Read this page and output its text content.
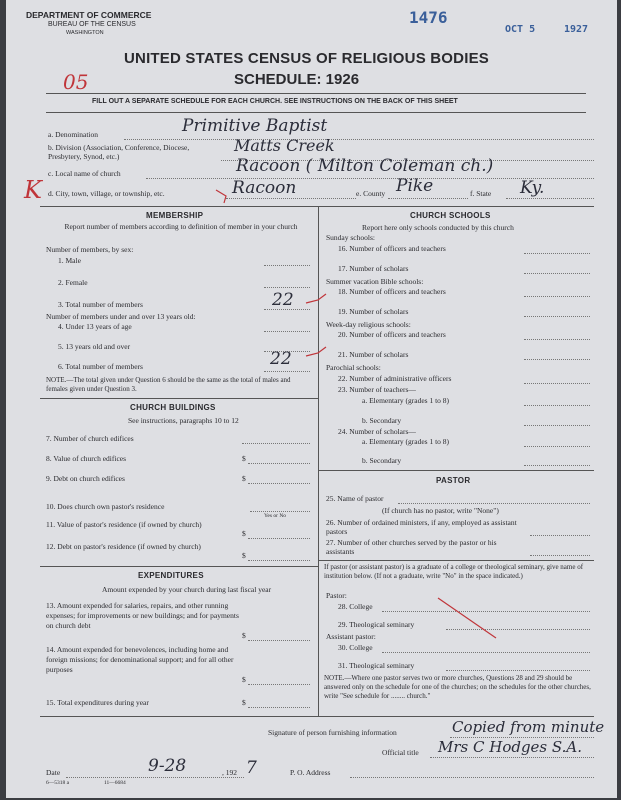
DEPARTMENT OF COMMERCE
BUREAU OF THE CENSUS
WASHINGTON
1476
OCT 5	1927
UNITED STATES CENSUS OF RELIGIOUS BODIES
SCHEDULE: 1926
05
FILL OUT A SEPARATE SCHEDULE FOR EACH CHURCH. SEE INSTRUCTIONS ON THE BACK OF THIS SHEET
a. Denomination	Primitive Baptist
b. Division (Association, Conference, Diocese, Presbytery, Synod, etc.)
Matts Creek
c. Local name of church	Racoon ( Milton Coleman ch.)
K d. City, town, village, or township, etc.	Racoon	e. County Pike	f. State Ky.
MEMBERSHIP
Report number of members according to definition of member in your church
Number of members, by sex:
1. Male
2. Female
3. Total number of members	22
Number of members under and over 13 years old:
4. Under 13 years of age
5. 13 years old and over
6. Total number of members	22
NOTE.—The total given under Question 6 should be the same as the total of males and females given under Question 3.
CHURCH BUILDINGS
See instructions, paragraphs 10 to 12
7. Number of church edifices
8. Value of church edifices	$
9. Debt on church edifices	$
10. Does church own pastor's residence
Yes or No
11. Value of pastor's residence (if owned by church)
$
12. Debt on pastor's residence (if owned by church)
$
EXPENDITURES
Amount expended by your church during last fiscal year
13. Amount expended for salaries, repairs, and other running expenses; for improvements or new buildings; and for payments on church debt
$
14. Amount expended for benevolences, including home and foreign missions; for denominational support; and for all other purposes
$
15. Total expenditures during year	$
CHURCH SCHOOLS
Report here only schools conducted by this church
Sunday schools:
16. Number of officers and teachers
17. Number of scholars
Summer vacation Bible schools:
18. Number of officers and teachers
19. Number of scholars
Week-day religious schools:
20. Number of officers and teachers
21. Number of scholars
Parochial schools:
22. Number of administrative officers
23. Number of teachers—
a. Elementary (grades 1 to 8)
b. Secondary
24. Number of scholars—
a. Elementary (grades 1 to 8)
b. Secondary
PASTOR
25. Name of pastor
(If church has no pastor, write "None")
26. Number of ordained ministers, if any, employed as assistant pastors
27. Number of other churches served by the pastor or his assistants
If pastor (or assistant pastor) is a graduate of a college or theological seminary, give name of institution below. (If not a graduate, write "No" in the space indicated.)
Pastor:
28. College
29. Theological seminary
Assistant pastor:
30. College
31. Theological seminary
NOTE.—Where one pastor serves two or more churches, Questions 28 and 29 should be answered only on the schedule for one of the churches; on the schedules for the other churches, write "See schedule for ........ church."
Signature of person furnishing information	Copied from minute
Official title Mrs C Hodges S.A.
Date	9-28	, 192 7	P. O. Address
6—5318 a	11—6684
